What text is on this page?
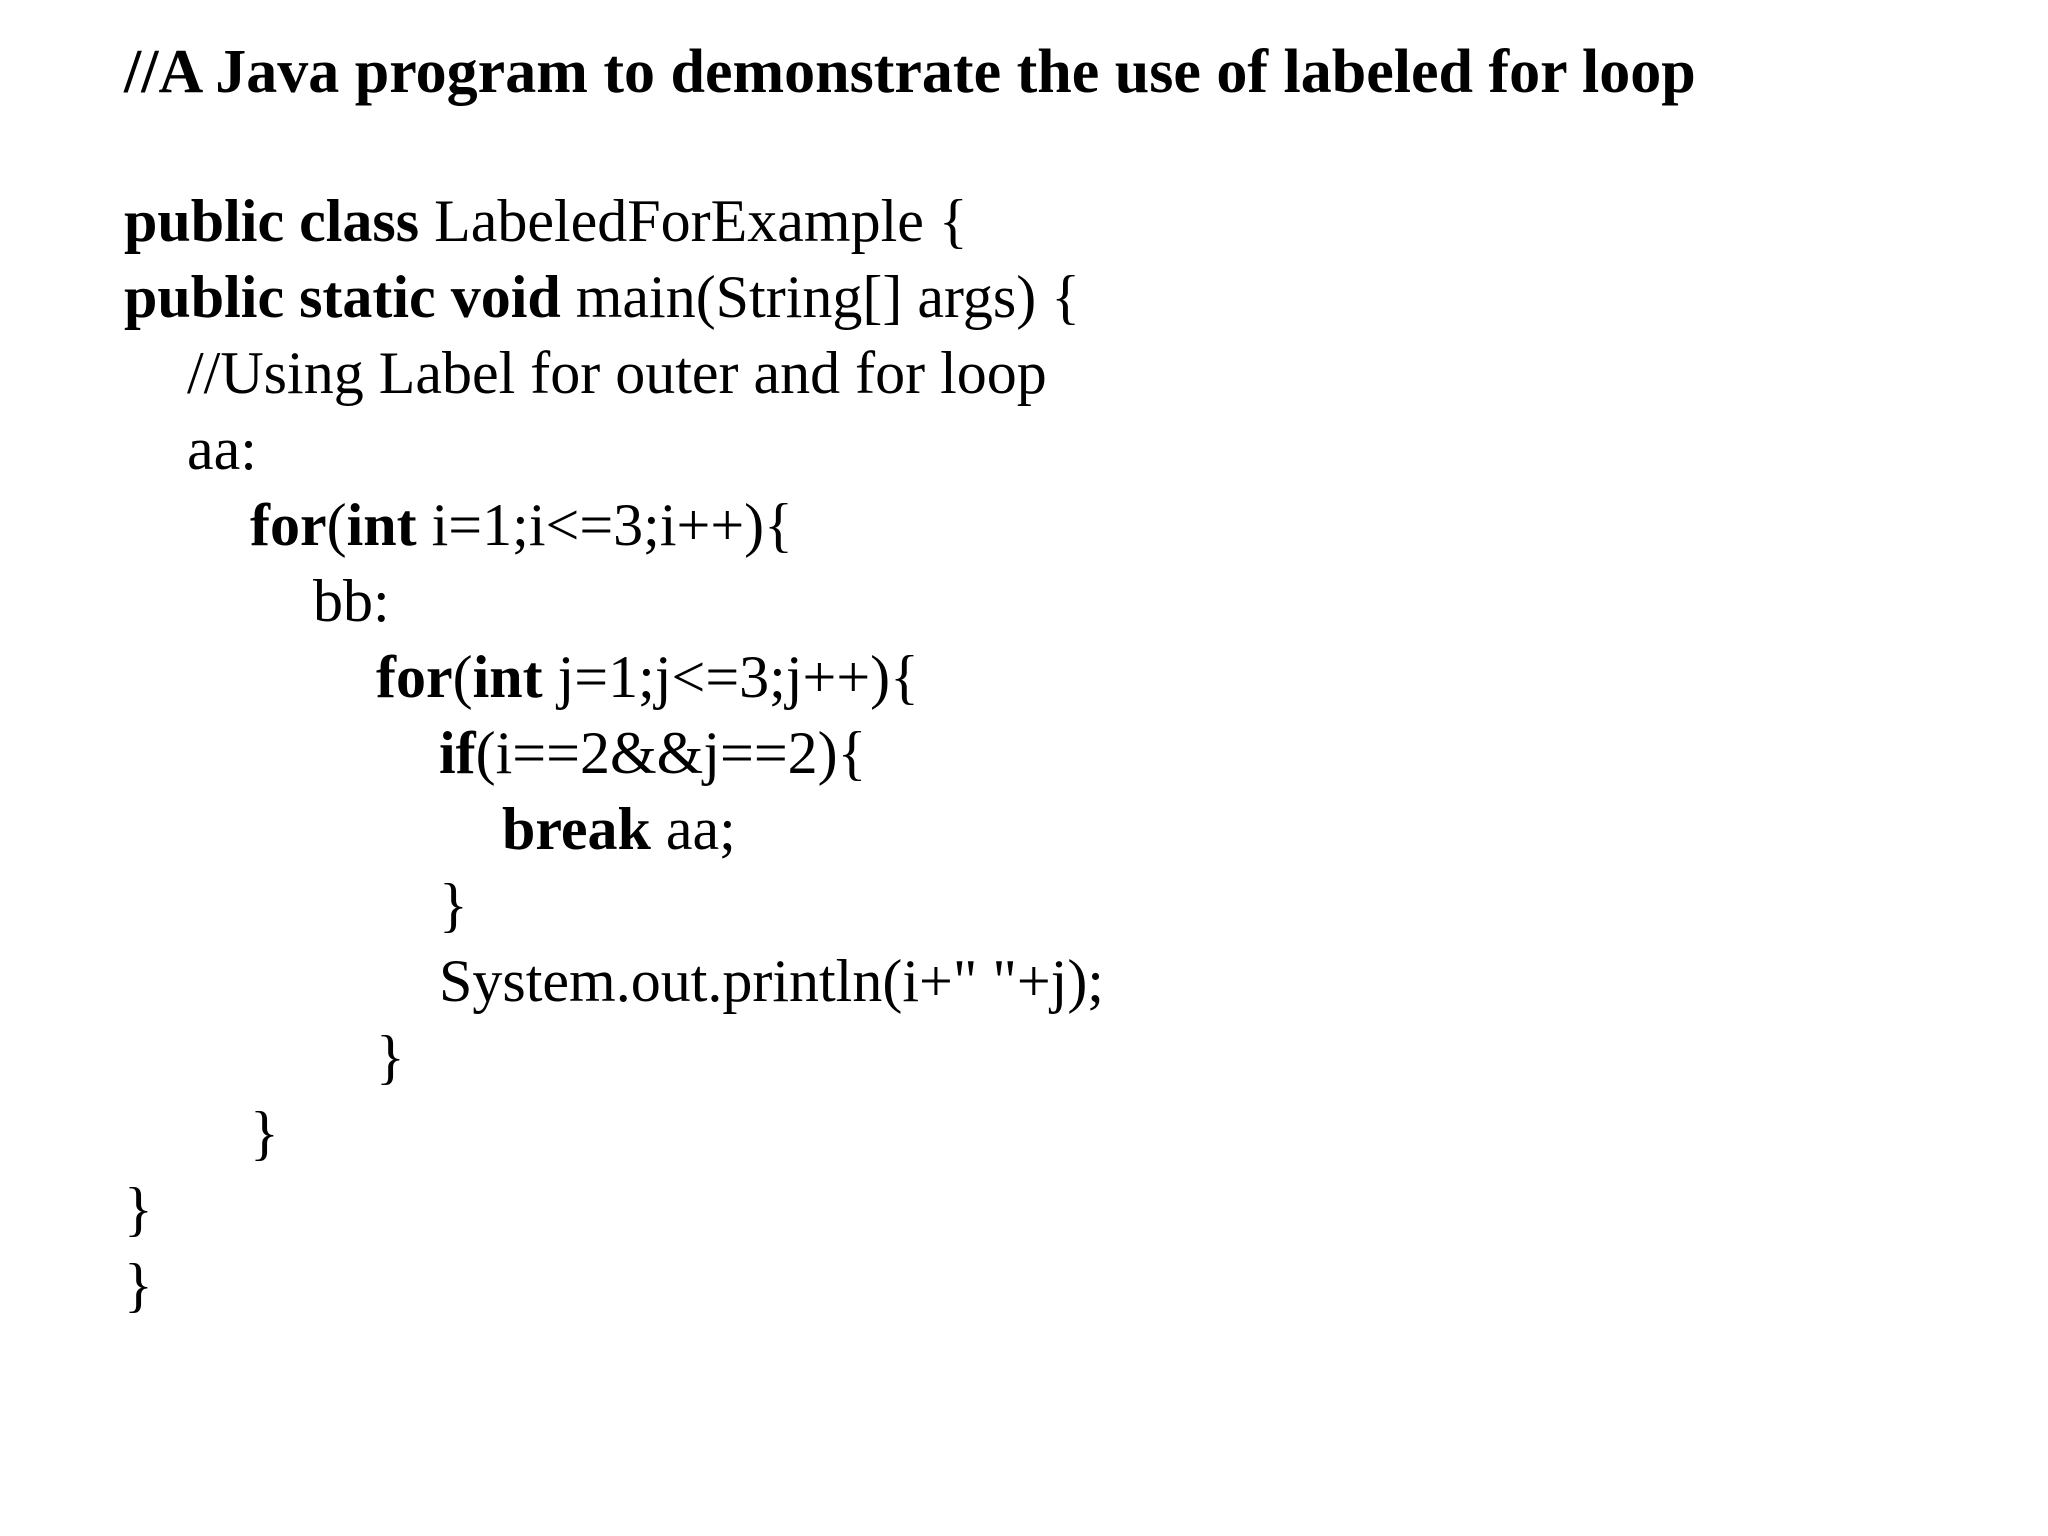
//A Java program to demonstrate the use of labeled for loop
public class LabeledForExample {
public static void main(String[] args) {
//Using Label for outer and for loop
aa:
for(int i=1;i<=3;i++){
bb:
for(int j=1;j<=3;j++){
if(i==2&&j==2){
break aa;
}
System.out.println(i+" "+j);
}
}
}
}
